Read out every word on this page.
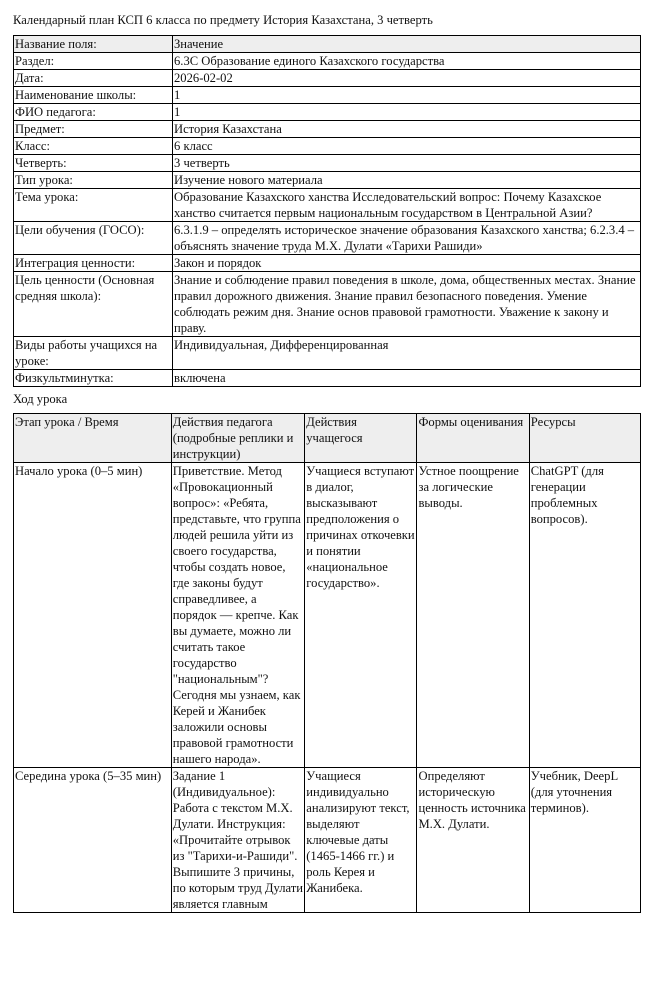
Календарный план КСП 6 класса по предмету История Казахстана, 3 четверть
Название поля:	Значение
Раздел:	6.3С Образование единого Казахского государства
Дата:	2026-02-02
Наименование школы:	1
ФИО педагога:	1
Предмет:	История Казахстана
Класс:	6 класс
Четверть:	3 четверть
Тип урока:	Изучение нового материала
Тема урока:	Образование Казахского ханства Исследовательский вопрос: Почему Казахское ханство считается первым национальным государством в Центральной Азии?
Цели обучения (ГОСО):	6.3.1.9 – определять историческое значение образования Казахского ханства; 6.2.3.4 – объяснять значение труда М.Х. Дулати «Тарихи Рашиди»
Интеграция ценности:	Закон и порядок
Цель ценности (Основная средняя школа):	Знание и соблюдение правил поведения в школе, дома, общественных местах. Знание правил дорожного движения. Знание правил безопасного поведения. Умение соблюдать режим дня. Знание основ правовой грамотности. Уважение к закону и праву.
Виды работы учащихся на уроке:	Индивидуальная, Дифференцированная
Физкультминутка:	включена
Ход урока
Этап урока / Время	Действия педагога (подробные реплики и инструкции)	Действия учащегося	Формы оценивания	Ресурсы
Начало урока (0–5 мин)	Приветствие. Метод «Провокационный вопрос»: «Ребята, представьте, что группа людей решила уйти из своего государства, чтобы создать новое, где законы будут справедливее, а порядок — крепче. Как вы думаете, можно ли считать такое государство "национальным"? Сегодня мы узнаем, как Керей и Жанибек заложили основы правовой грамотности нашего народа».	Учащиеся вступают в диалог, высказывают предположения о причинах откочевки и понятии «национальное государство».	Устное поощрение за логические выводы.	ChatGPT (для генерации проблемных вопросов).
Середина урока (5–35 мин)	Задание 1 (Индивидуальное): Работа с текстом М.Х. Дулати. Инструкция: «Прочитайте отрывок из "Тарихи-и-Рашиди". Выпишите 3 причины, по которым труд Дулати является главным	Учащиеся индивидуально анализируют текст, выделяют ключевые даты (1465-1466 гг.) и роль Керея и Жанибека.	Определяют историческую ценность источника М.Х. Дулати.	Учебник, DeepL (для уточнения терминов).
